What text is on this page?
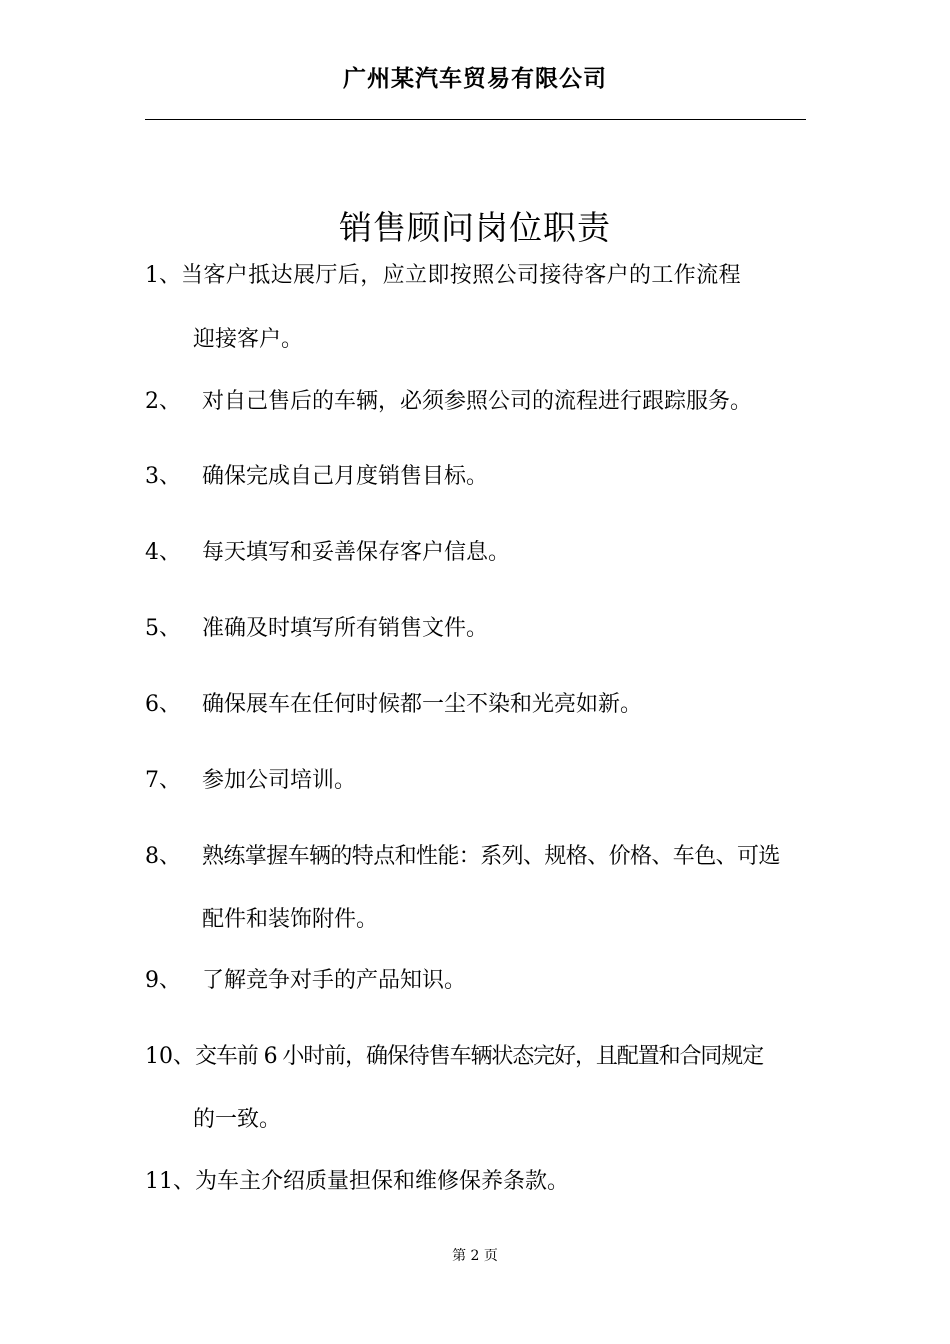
广州某汽车贸易有限公司
销售顾问岗位职责
1、当客户抵达展厅后，应立即按照公司接待客户的工作流程
迎接客户。
2、 对自己售后的车辆，必须参照公司的流程进行跟踪服务。
3、 确保完成自己月度销售目标。
4、 每天填写和妥善保存客户信息。
5、 准确及时填写所有销售文件。
6、 确保展车在任何时候都一尘不染和光亮如新。
7、 参加公司培训。
8、 熟练掌握车辆的特点和性能：系列、规格、价格、车色、可选
配件和装饰附件。
9、 了解竞争对手的产品知识。
10、交车前 6 小时前，确保待售车辆状态完好，且配置和合同规定
的一致。
11、为车主介绍质量担保和维修保养条款。
第 2 页
